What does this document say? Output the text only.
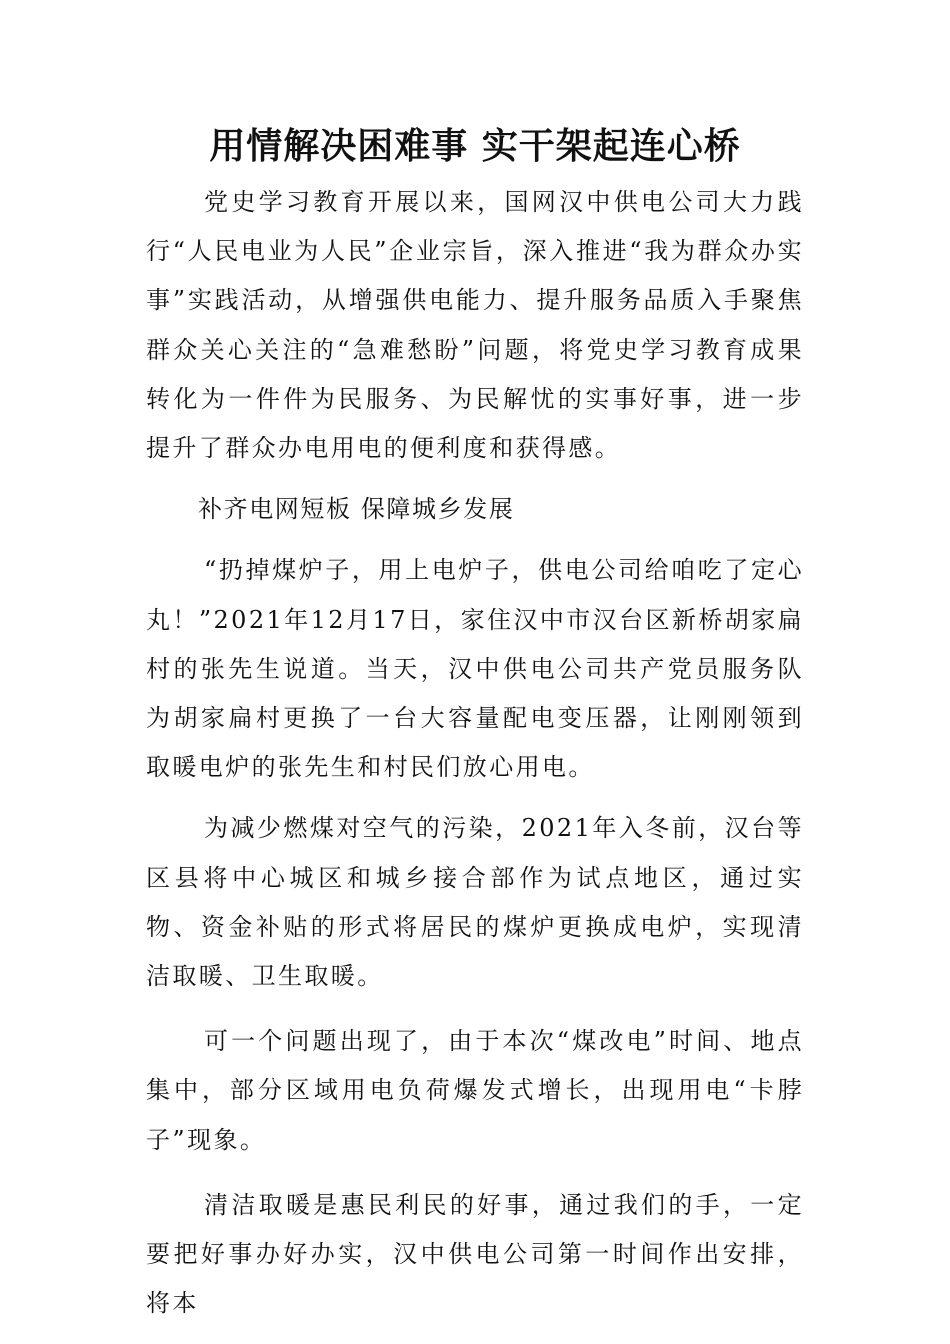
用情解决困难事 实干架起连心桥

党史学习教育开展以来，国网汉中供电公司大力践行“人民电业为人民”企业宗旨，深入推进“我为群众办实事”实践活动，从增强供电能力、提升服务品质入手聚焦群众关心关注的“急难愁盼”问题，将党史学习教育成果转化为一件件为民服务、为民解忧的实事好事，进一步提升了群众办电用电的便利度和获得感。

补齐电网短板 保障城乡发展

“扔掉煤炉子，用上电炉子，供电公司给咱吃了定心丸！”2021年12月17日，家住汉中市汉台区新桥胡家扁村的张先生说道。当天，汉中供电公司共产党员服务队为胡家扁村更换了一台大容量配电变压器，让刚刚领到取暖电炉的张先生和村民们放心用电。

为减少燃煤对空气的污染，2021年入冬前，汉台等区县将中心城区和城乡接合部作为试点地区，通过实物、资金补贴的形式将居民的煤炉更换成电炉，实现清洁取暖、卫生取暖。

可一个问题出现了，由于本次“煤改电”时间、地点集中，部分区域用电负荷爆发式增长，出现用电“卡脖子”现象。

清洁取暖是惠民利民的好事，通过我们的手，一定要把好事办好办实，汉中供电公司第一时间作出安排，将本
